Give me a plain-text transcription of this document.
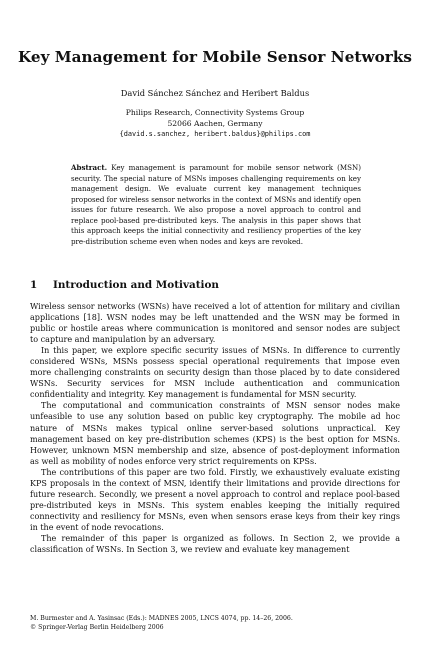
Key Management for Mobile Sensor Networks
David Sánchez Sánchez and Heribert Baldus
Philips Research, Connectivity Systems Group
52066 Aachen, Germany
{david.s.sanchez, heribert.baldus}@philips.com
Abstract. Key management is paramount for mobile sensor network (MSN) security. The special nature of MSNs imposes challenging requirements on key management design. We evaluate current key management techniques proposed for wireless sensor networks in the context of MSNs and identify open issues for future research. We also propose a novel approach to control and replace pool-based pre-distributed keys. The analysis in this paper shows that this approach keeps the initial connectivity and resiliency properties of the key pre-distribution scheme even when nodes and keys are revoked.
1 Introduction and Motivation

Wireless sensor networks (WSNs) have received a lot of attention for military and civilian applications [18]. WSN nodes may be left unattended and the WSN may be formed in public or hostile areas where communication is monitored and sensor nodes are subject to capture and manipulation by an adversary.

In this paper, we explore specific security issues of MSNs. In difference to currently considered WSNs, MSNs possess special operational requirements that impose even more challenging constraints on security design than those placed by to date considered WSNs. Security services for MSN include authentication and communication confidentiality and integrity. Key management is fundamental for MSN security.

The computational and communication constraints of MSN sensor nodes make unfeasible to use any solution based on public key cryptography. The mobile ad hoc nature of MSNs makes typical online server-based solutions unpractical. Key management based on key pre-distribution schemes (KPS) is the best option for MSNs. However, unknown MSN membership and size, absence of post-deployment information as well as mobility of nodes enforce very strict requirements on KPSs.

The contributions of this paper are two fold. Firstly, we exhaustively evaluate existing KPS proposals in the context of MSN, identify their limitations and provide directions for future research. Secondly, we present a novel approach to control and replace pool-based pre-distributed keys in MSNs. This system enables keeping the initially required connectivity and resiliency for MSNs, even when sensors erase keys from their key rings in the event of node revocations.

The remainder of this paper is organized as follows. In Section 2, we provide a classification of WSNs. In Section 3, we review and evaluate key management

M. Burmester and A. Yasinsac (Eds.): MADNES 2005, LNCS 4074, pp. 14–26, 2006.
© Springer-Verlag Berlin Heidelberg 2006
